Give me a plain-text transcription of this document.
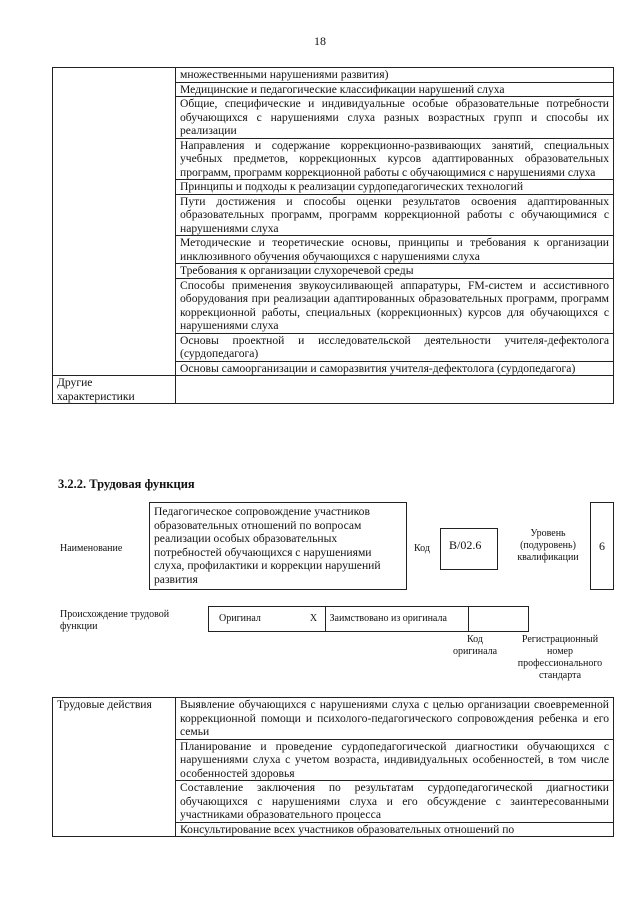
18
	множественными нарушениями развития)
	Медицинские и педагогические классификации нарушений слуха
	Общие, специфические и индивидуальные особые образовательные потребности обучающихся с нарушениями слуха разных возрастных групп и способы их реализации
	Направления и содержание коррекционно-развивающих занятий, специальных учебных предметов, коррекционных курсов адаптированных образовательных программ, программ коррекционной работы с обучающимися с нарушениями слуха
	Принципы и подходы к реализации сурдопедагогических технологий
	Пути достижения и способы оценки результатов освоения адаптированных образовательных программ, программ коррекционной работы с обучающимися с нарушениями слуха
	Методические и теоретические основы, принципы и требования к организации инклюзивного обучения обучающихся с нарушениями слуха
	Требования к организации слухоречевой среды
	Способы применения звукоусиливающей аппаратуры, FM-систем и ассистивного оборудования при реализации адаптированных образовательных программ, программ коррекционной работы, специальных (коррекционных) курсов для обучающихся с нарушениями слуха
	Основы проектной и исследовательской деятельности учителя-дефектолога (сурдопедагога)
	Основы самоорганизации и саморазвития учителя-дефектолога (сурдопедагога)
Другие характеристики	
3.2.2. Трудовая функция
Наименование
Педагогическое сопровождение участников образовательных отношений по вопросам реализации особых образовательных потребностей обучающихся с нарушениями слуха, профилактики и коррекции нарушений развития
Код	B/02.6
Уровень (подуровень) квалификации
6
Происхождение трудовой функции
Оригинал	X	Заимствовано из оригинала		
Код оригинала
Регистрационный номер профессионального стандарта
Трудовые действия	Выявление обучающихся с нарушениями слуха с целью организации своевременной коррекционной помощи и психолого-педагогического сопровождения ребенка и его семьи
Планирование и проведение сурдопедагогической диагностики обучающихся с нарушениями слуха с учетом возраста, индивидуальных особенностей, в том числе особенностей здоровья
Составление заключения по результатам сурдопедагогической диагностики обучающихся с нарушениями слуха и его обсуждение с заинтересованными участниками образовательного процесса
Консультирование всех участников образовательных отношений по
